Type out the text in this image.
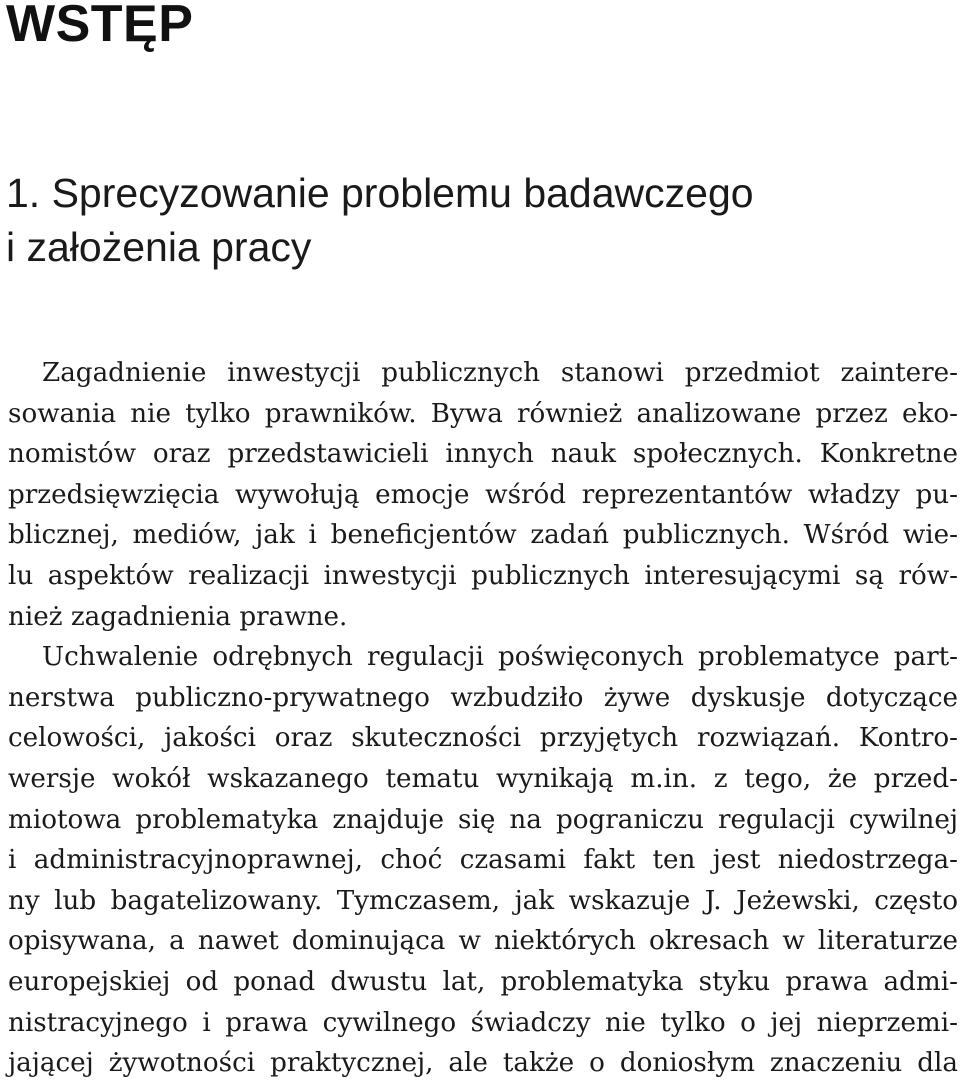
WSTĘP
1. Sprecyzowanie problemu badawczego
i założenia pracy
Zagadnienie inwestycji publicznych stanowi przedmiot zaintere-
sowania nie tylko prawników. Bywa również analizowane przez eko-
nomistów oraz przedstawicieli innych nauk społecznych. Konkretne
przedsięwzięcia wywołują emocje wśród reprezentantów władzy pu-
blicznej, mediów, jak i beneficjentów zadań publicznych. Wśród wie-
lu aspektów realizacji inwestycji publicznych interesującymi są rów-
nież zagadnienia prawne.
Uchwalenie odrębnych regulacji poświęconych problematyce part-
nerstwa publiczno-prywatnego wzbudziło żywe dyskusje dotyczące
celowości, jakości oraz skuteczności przyjętych rozwiązań. Kontro-
wersje wokół wskazanego tematu wynikają m.in. z tego, że przed-
miotowa problematyka znajduje się na pograniczu regulacji cywilnej
i administracyjnoprawnej, choć czasami fakt ten jest niedostrzega-
ny lub bagatelizowany. Tymczasem, jak wskazuje J. Jeżewski, często
opisywana, a nawet dominująca w niektórych okresach w literaturze
europejskiej od ponad dwustu lat, problematyka styku prawa admi-
nistracyjnego i prawa cywilnego świadczy nie tylko o jej nieprzemi-
jającej żywotności praktycznej, ale także o doniosłym znaczeniu dla
